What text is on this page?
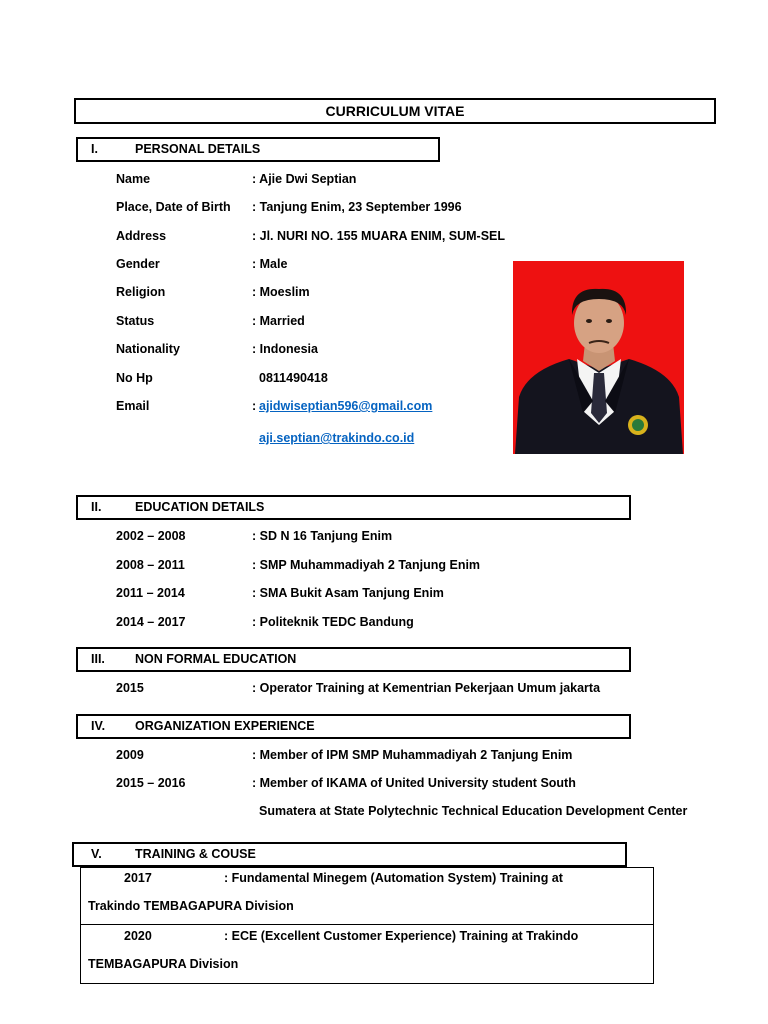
CURRICULUM VITAE
I.	PERSONAL DETAILS
Name	: Ajie Dwi Septian
Place, Date of Birth : Tanjung Enim, 23 September 1996
Address	: Jl. NURI NO. 155 MUARA ENIM, SUM-SEL
Gender	: Male
Religion	: Moeslim
Status	: Married
Nationality	: Indonesia
No Hp	0811490418
Email	: ajidwiseptian596@gmail.com
aji.septian@trakindo.co.id
II.	EDUCATION DETAILS
2002 – 2008	: SD N 16 Tanjung Enim
2008 – 2011	: SMP Muhammadiyah 2 Tanjung Enim
2011 – 2014	: SMA Bukit Asam Tanjung Enim
2014 – 2017	: Politeknik TEDC Bandung
III. NON FORMAL EDUCATION
2015	: Operator Training at Kementrian Pekerjaan Umum jakarta
IV. ORGANIZATION EXPERIENCE
2009	: Member of IPM SMP Muhammadiyah 2 Tanjung Enim
2015 – 2016	: Member of IKAMA of United University student South
Sumatera at State Polytechnic Technical Education Development Center
V.	TRAINING & COUSE
2017	: Fundamental Minegem (Automation System) Training at
Trakindo TEMBAGAPURA Division
2020	: ECE (Excellent Customer Experience) Training at Trakindo
TEMBAGAPURA Division
